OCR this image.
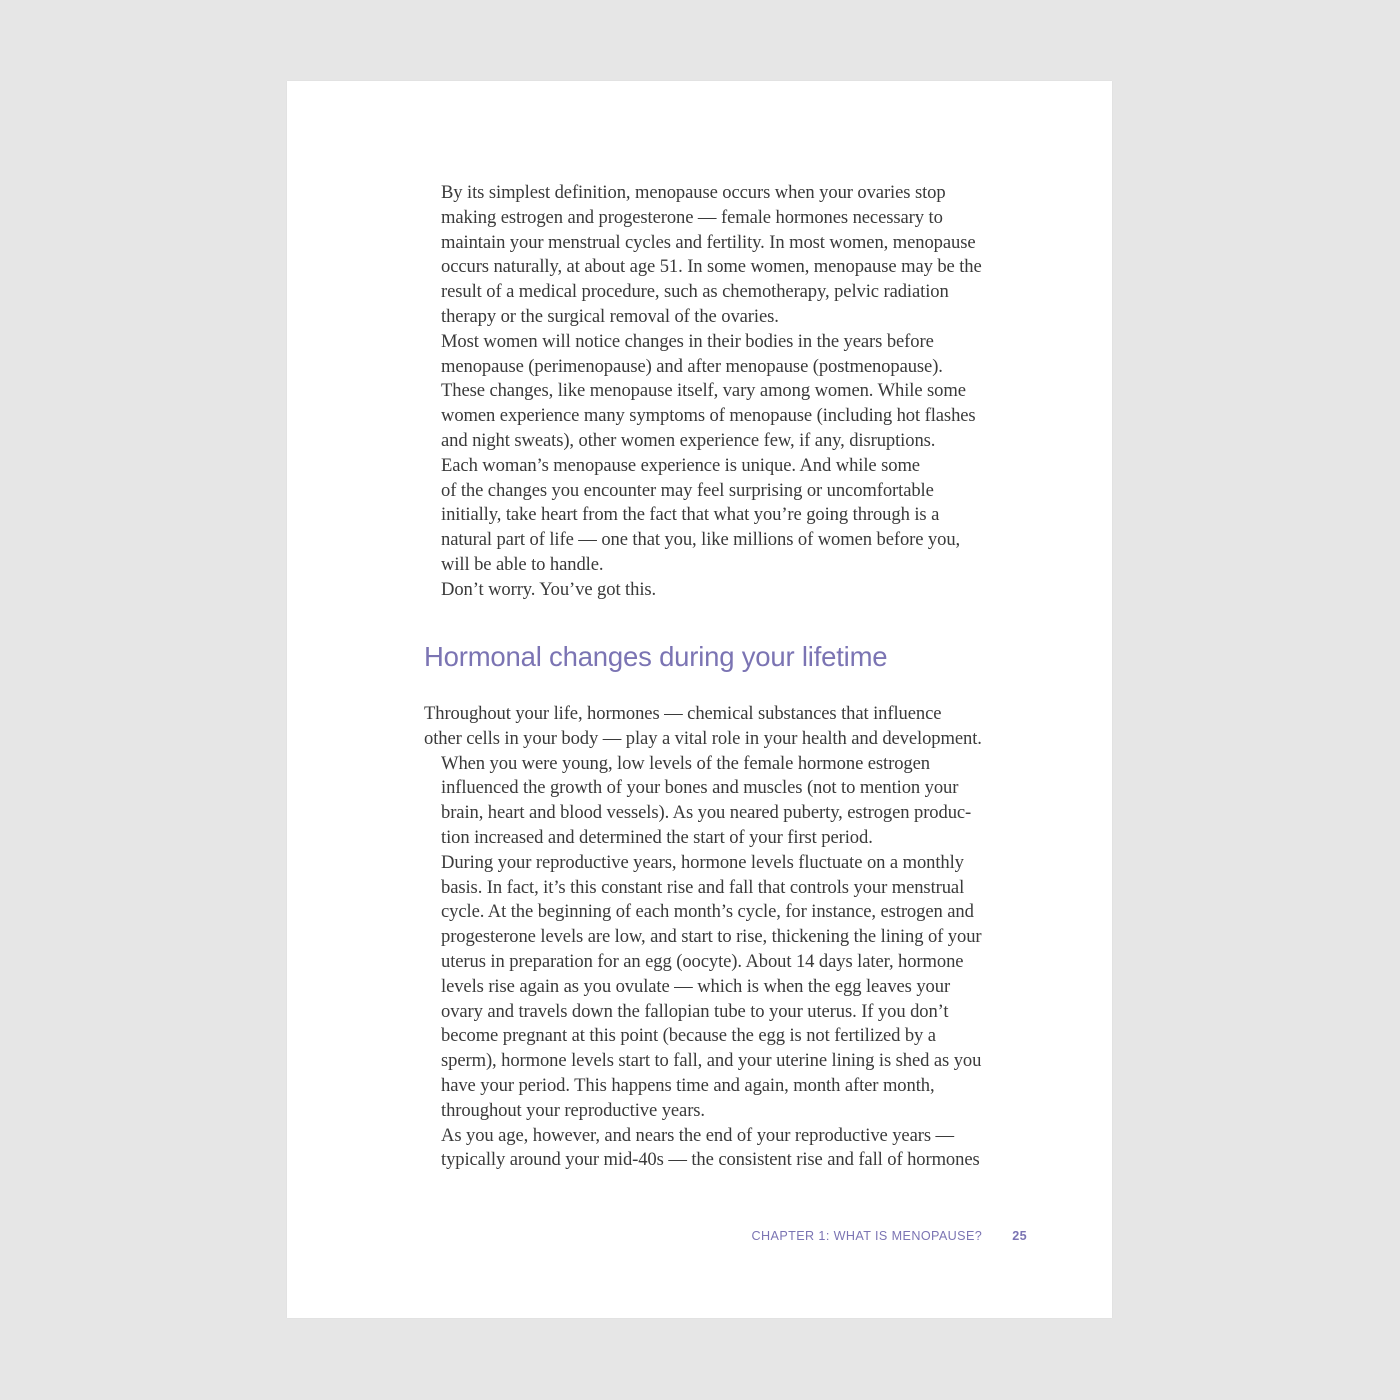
By its simplest definition, menopause occurs when your ovaries stop
making estrogen and progesterone — female hormones necessary to
maintain your menstrual cycles and fertility. In most women, menopause
occurs naturally, at about age 51. In some women, menopause may be the
result of a medical procedure, such as chemotherapy, pelvic radiation
therapy or the surgical removal of the ovaries.

Most women will notice changes in their bodies in the years before
menopause (perimenopause) and after menopause (postmenopause).
These changes, like menopause itself, vary among women. While some
women experience many symptoms of menopause (including hot flashes
and night sweats), other women experience few, if any, disruptions.

Each woman’s menopause experience is unique. And while some
of the changes you encounter may feel surprising or uncomfortable
initially, take heart from the fact that what you’re going through is a
natural part of life — one that you, like millions of women before you,
will be able to handle.

Don’t worry. You’ve got this.

Hormonal changes during your lifetime

Throughout your life, hormones — chemical substances that influence
other cells in your body — play a vital role in your health and development.

When you were young, low levels of the female hormone estrogen
influenced the growth of your bones and muscles (not to mention your
brain, heart and blood vessels). As you neared puberty, estrogen produc-
tion increased and determined the start of your first period.

During your reproductive years, hormone levels fluctuate on a monthly
basis. In fact, it’s this constant rise and fall that controls your menstrual
cycle. At the beginning of each month’s cycle, for instance, estrogen and
progesterone levels are low, and start to rise, thickening the lining of your
uterus in preparation for an egg (oocyte). About 14 days later, hormone
levels rise again as you ovulate — which is when the egg leaves your
ovary and travels down the fallopian tube to your uterus. If you don’t
become pregnant at this point (because the egg is not fertilized by a
sperm), hormone levels start to fall, and your uterine lining is shed as you
have your period. This happens time and again, month after month,
throughout your reproductive years.

As you age, however, and nears the end of your reproductive years —
typically around your mid-40s — the consistent rise and fall of hormones

CHAPTER 1: WHAT IS MENOPAUSE? 25
